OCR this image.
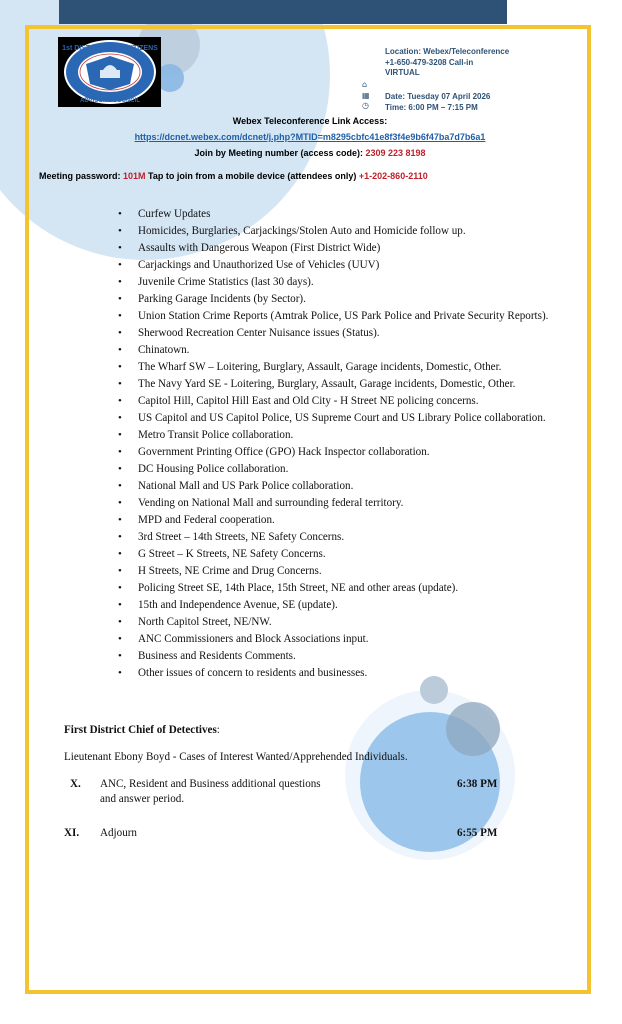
1st DISTRICT MPD CITIZENS
ADVISORY COUNCIL
Location: Webex/Teleconference
+1-650-479-3208 Call-in
VIRTUAL
⌂
▦
◷
Date: Tuesday 07 April 2026
Time: 6:00 PM – 7:15 PM
Webex Teleconference Link Access:
https://dcnet.webex.com/dcnet/j.php?MTID=m8295cbfc41e8f3f4e9b6f47ba7d7b6a1
Join by Meeting number (access code): 2309 223 8198
Meeting password: 101M Tap to join from a mobile device (attendees only) +1-202-860-2110
• Curfew Updates
• Homicides, Burglaries, Carjackings/Stolen Auto and Homicide follow up.
• Assaults with Dangerous Weapon (First District Wide)
• Carjackings and Unauthorized Use of Vehicles (UUV)
• Juvenile Crime Statistics (last 30 days).
• Parking Garage Incidents (by Sector).
• Union Station Crime Reports (Amtrak Police, US Park Police and Private Security Reports).
• Sherwood Recreation Center Nuisance issues (Status).
• Chinatown.
• The Wharf SW – Loitering, Burglary, Assault, Garage incidents, Domestic, Other.
• The Navy Yard SE - Loitering, Burglary, Assault, Garage incidents, Domestic, Other.
• Capitol Hill, Capitol Hill East and Old City - H Street NE policing concerns.
• US Capitol and US Capitol Police, US Supreme Court and US Library Police collaboration.
• Metro Transit Police collaboration.
• Government Printing Office (GPO) Hack Inspector collaboration.
• DC Housing Police collaboration.
• National Mall and US Park Police collaboration.
• Vending on National Mall and surrounding federal territory.
• MPD and Federal cooperation.
• 3rd Street – 14th Streets, NE Safety Concerns.
• G Street – K Streets, NE Safety Concerns.
• H Streets, NE Crime and Drug Concerns.
• Policing Street SE, 14th Place, 15th Street, NE and other areas (update).
• 15th and Independence Avenue, SE (update).
• North Capitol Street, NE/NW.
• ANC Commissioners and Block Associations input.
• Business and Residents Comments.
• Other issues of concern to residents and businesses.
First District Chief of Detectives:
Lieutenant Ebony Boyd - Cases of Interest Wanted/Apprehended Individuals.
X. ANC, Resident and Business additional questions
and answer period.
6:38 PM
XI. Adjourn	6:55 PM
